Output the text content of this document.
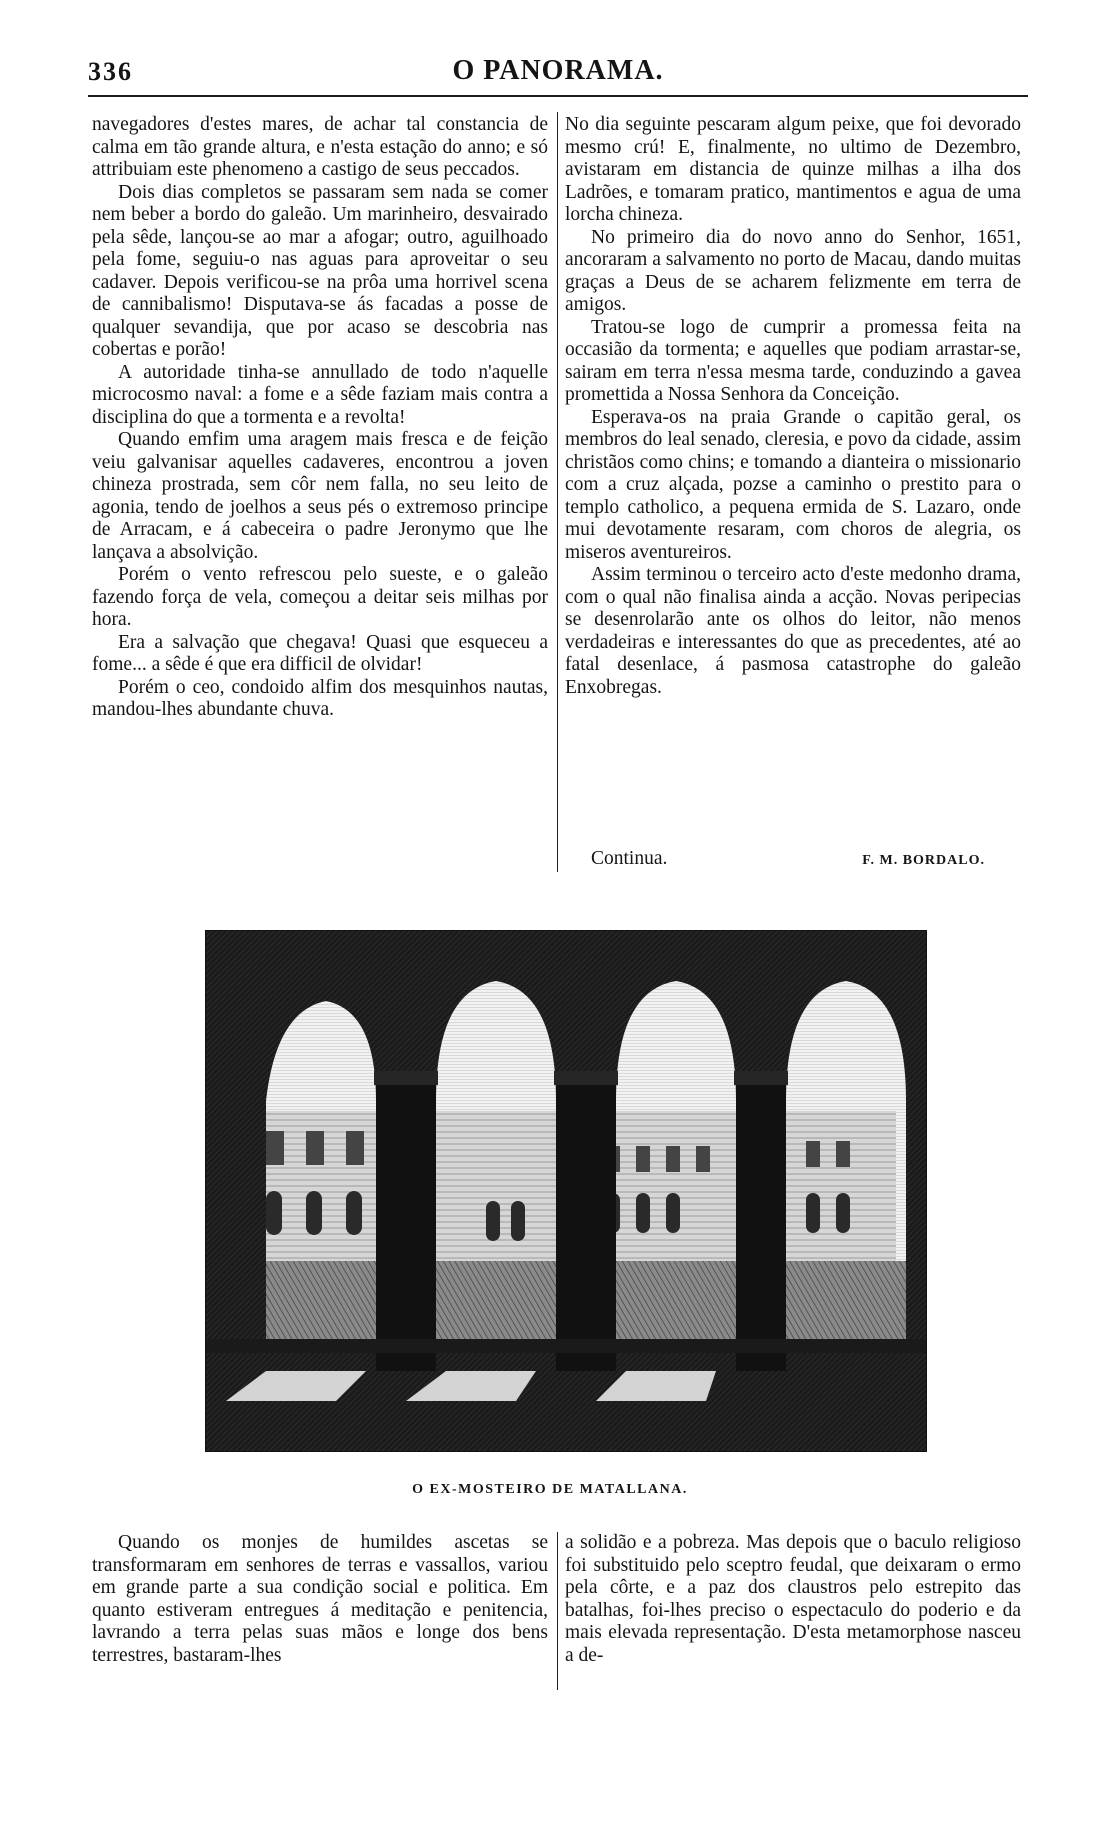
336	O PANORAMA.

navegadores d'estes mares, de achar tal constancia de calma em tão grande altura, e n'esta estação do anno; e só attribuiam este phenomeno a castigo de seus peccados.

Dois dias completos se passaram sem nada se comer nem beber a bordo do galeão. Um marinheiro, desvairado pela sêde, lançou-se ao mar a afogar; outro, aguilhoado pela fome, seguiu-o nas aguas para aproveitar o seu cadaver. Depois verificou-se na prôa uma horrivel scena de cannibalismo! Disputava-se ás facadas a posse de qualquer sevandija, que por acaso se descobria nas cobertas e porão!

A autoridade tinha-se annullado de todo n'aquelle microcosmo naval: a fome e a sêde faziam mais contra a disciplina do que a tormenta e a revolta!

Quando emfim uma aragem mais fresca e de feição veiu galvanisar aquelles cadaveres, encontrou a joven chineza prostrada, sem côr nem falla, no seu leito de agonia, tendo de joelhos a seus pés o extremoso principe de Arracam, e á cabeceira o padre Jeronymo que lhe lançava a absolvição.

Porém o vento refrescou pelo sueste, e o galeão fazendo força de vela, começou a deitar seis milhas por hora.

Era a salvação que chegava! Quasi que esqueceu a fome... a sêde é que era difficil de olvidar!

Porém o ceo, condoido alfim dos mesquinhos nautas, mandou-lhes abundante chuva.

No dia seguinte pescaram algum peixe, que foi devorado mesmo crú! E, finalmente, no ultimo de Dezembro, avistaram em distancia de quinze milhas a ilha dos Ladrões, e tomaram pratico, mantimentos e agua de uma lorcha chineza.

No primeiro dia do novo anno do Senhor, 1651, ancoraram a salvamento no porto de Macau, dando muitas graças a Deus de se acharem felizmente em terra de amigos.

Tratou-se logo de cumprir a promessa feita na occasião da tormenta; e aquelles que podiam arrastar-se, sairam em terra n'essa mesma tarde, conduzindo a gavea promettida a Nossa Senhora da Conceição.

Esperava-os na praia Grande o capitão geral, os membros do leal senado, cleresia, e povo da cidade, assim christãos como chins; e tomando a dianteira o missionario com a cruz alçada, pozse a caminho o prestito para o templo catholico, a pequena ermida de S. Lazaro, onde mui devotamente resaram, com choros de alegria, os miseros aventureiros.

Assim terminou o terceiro acto d'este medonho drama, com o qual não finalisa ainda a acção. Novas peripecias se desenrolarão ante os olhos do leitor, não menos verdadeiras e interessantes do que as precedentes, até ao fatal desenlace, á pasmosa catastrophe do galeão Enxobregas.

Continua.	F. M. BORDALO.
O EX-MOSTEIRO DE MATALLANA.

Quando os monjes de humildes ascetas se transformaram em senhores de terras e vassallos, variou em grande parte a sua condição social e politica. Em quanto estiveram entregues á meditação e penitencia, lavrando a terra pelas suas mãos e longe dos bens terrestres, bastaram-lhes

a solidão e a pobreza. Mas depois que o baculo religioso foi substituido pelo sceptro feudal, que deixaram o ermo pela côrte, e a paz dos claustros pelo estrepito das batalhas, foi-lhes preciso o espectaculo do poderio e da mais elevada representação. D'esta metamorphose nasceu a de-
